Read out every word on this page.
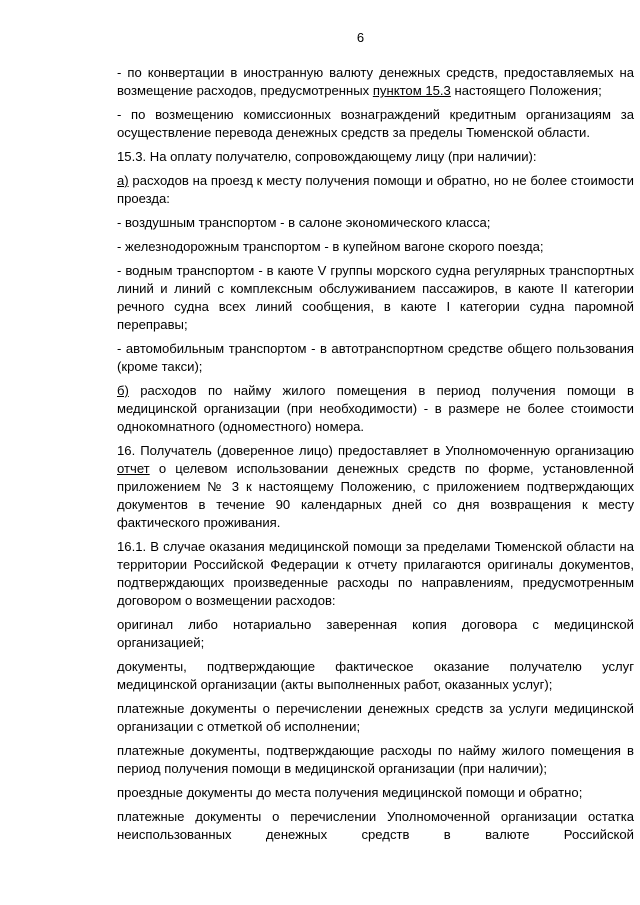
6

- по конвертации в иностранную валюту денежных средств, предоставляемых на возмещение расходов, предусмотренных пунктом 15.3 настоящего Положения;

- по возмещению комиссионных вознаграждений кредитным организациям за осуществление перевода денежных средств за пределы Тюменской области.

15.3. На оплату получателю, сопровождающему лицу (при наличии):

а) расходов на проезд к месту получения помощи и обратно, но не более стоимости проезда:

- воздушным транспортом - в салоне экономического класса;

- железнодорожным транспортом - в купейном вагоне скорого поезда;

- водным транспортом - в каюте V группы морского судна регулярных транспортных линий и линий с комплексным обслуживанием пассажиров, в каюте II категории речного судна всех линий сообщения, в каюте I категории судна паромной переправы;

- автомобильным транспортом - в автотранспортном средстве общего пользования (кроме такси);

б) расходов по найму жилого помещения в период получения помощи в медицинской организации (при необходимости) - в размере не более стоимости однокомнатного (одноместного) номера.

16. Получатель (доверенное лицо) предоставляет в Уполномоченную организацию отчет о целевом использовании денежных средств по форме, установленной приложением № 3 к настоящему Положению, с приложением подтверждающих документов в течение 90 календарных дней со дня возвращения к месту фактического проживания.

16.1. В случае оказания медицинской помощи за пределами Тюменской области на территории Российской Федерации к отчету прилагаются оригиналы документов, подтверждающих произведенные расходы по направлениям, предусмотренным договором о возмещении расходов:

оригинал либо нотариально заверенная копия договора с медицинской организацией;

документы, подтверждающие фактическое оказание получателю услуг медицинской организации (акты выполненных работ, оказанных услуг);

платежные документы о перечислении денежных средств за услуги медицинской организации с отметкой об исполнении;

платежные документы, подтверждающие расходы по найму жилого помещения в период получения помощи в медицинской организации (при наличии);

проездные документы до места получения медицинской помощи и обратно;

платежные документы о перечислении Уполномоченной организации остатка неиспользованных денежных средств в валюте Российской
